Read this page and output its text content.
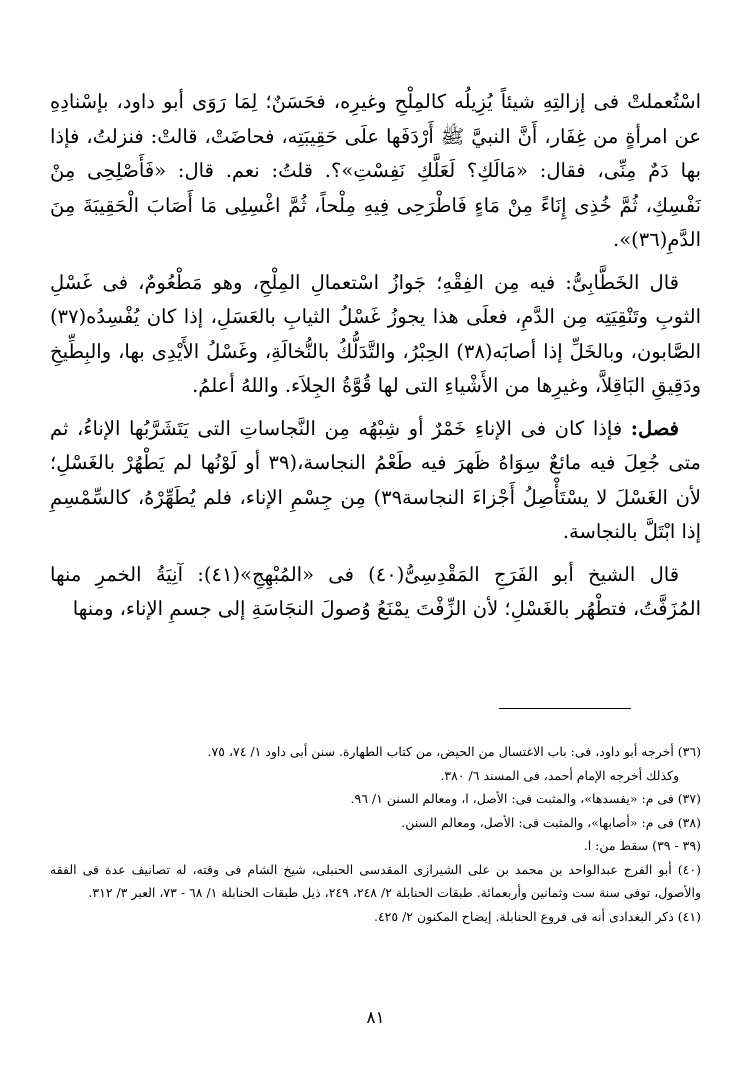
اسْتُعملتْ فى إزالتِهِ شيئاً يُزِيلُه كالمِلْحِ وغيرِه، فحَسَنٌ؛ لِمَا رَوَى أبو داود، بإسْنادِهِ عن امرأةٍ من غِفَار، أَنَّ النبيَّ ﷺ أَرْدَفَها علَى حَقِيبَتِه، فحاضَتْ، قالتْ: فنزلتُ، فإذا بها دَمٌ مِنِّى، فقال: «مَالَكِ؟ لَعَلَّكِ نَفِسْتِ»؟. قلتُ: نعم. قال: «فَأَصْلِحِى مِنْ نَفْسِكِ، ثُمَّ خُذِى إِنَاءً مِنْ مَاءٍ فَاطْرَحِى فِيهِ مِلْحاً، ثُمَّ اغْسِلِى مَا أَصَابَ الْحَقِيبَةَ مِنَ الدَّمِ(٣٦)».

قال الخَطَّابِىُّ: فيه مِن الفِقْهِ؛ جَوازُ اسْتعمالِ المِلْحِ، وهو مَطْعُومٌ، فى غَسْلِ الثوبِ وتَنْقِيَتِه مِن الدَّمِ، فعلَى هذا يجوزُ غَسْلُ الثيابِ بالعَسَلِ، إذا كان يُفْسِدُه(٣٧) الصَّابون، وبالخَلِّ إذا أصابَه(٣٨) الحِبْرُ، والتَّدَلُّكُ بالنُّخالَةِ، وغَسْلُ الأَيْدِى بها، والبِطِّيخِ ودَقِيقِ البَاقِلاَّ، وغيرِها من الأَشْياءِ التى لها قُوَّةُ الجِلاَء. واللهُ أعلمُ.

فصل: فإذا كان فى الإناءِ خَمْرٌ أو شِبْهُه مِن النَّجاساتِ التى يَتَشَرَّبُها الإناءُ، ثم متى جُعِلَ فيه مائعٌ سِوَاهُ ظَهرَ فيه طَعْمُ النجاسة،(٣٩ أو لَوْنُها لم يَطْهُرْ بالغَسْلِ؛ لأن الغَسْلَ لا يسْتَأْصِلُ أَجْزاءَ النجاسة٣٩) مِن جِسْمِ الإناء، فلم يُطَهِّرْهُ، كالسِّمْسِمِ إذا ابْتَلَّ بالنجاسة.

قال الشيخ أبو الفَرَجِ المَقْدِسِىُّ(٤٠) فى «المُبْهِجِ»(٤١): آنِيَةُ الخمرِ منها المُزَفَّتُ، فتطْهُر بالغَسْلِ؛ لأن الزِّفْتَ يمْنَعُ وُصولَ النجَاسَةِ إلى جسمِ الإناء، ومنها

(٣٦) أخرجه أبو داود، فى: باب الاغتسال من الحيض، من كتاب الطهارة. سنن أبى داود ١/ ٧٤، ٧٥.

وكذلك أخرجه الإمام أحمد، فى المسند ٦/ ٣٨٠.

(٣٧) فى م: «يفسدها»، والمثبت فى: الأصل، ا، ومعالم السنن ١/ ٩٦.

(٣٨) فى م: «أصابها»، والمثبت فى: الأصل، ومعالم السنن.

(٣٩ - ٣٩) سقط من: ا.

(٤٠) أبو الفرج عبدالواحد بن محمد بن على الشيرازى المقدسى الحنبلى، شيخ الشام فى وقته، له تصانيف عدة فى الفقه والأصول، توفى سنة ست وثمانين وأربعمائة. طبقات الحنابلة ٢/ ٢٤٨، ٢٤٩، ذيل طبقات الحنابلة ١/ ٦٨ - ٧٣، العبر ٣/ ٣١٢.

(٤١) ذكر البغدادى أنه فى فروع الحنابلة. إيضاح المكنون ٢/ ٤٢٥.

٨١
